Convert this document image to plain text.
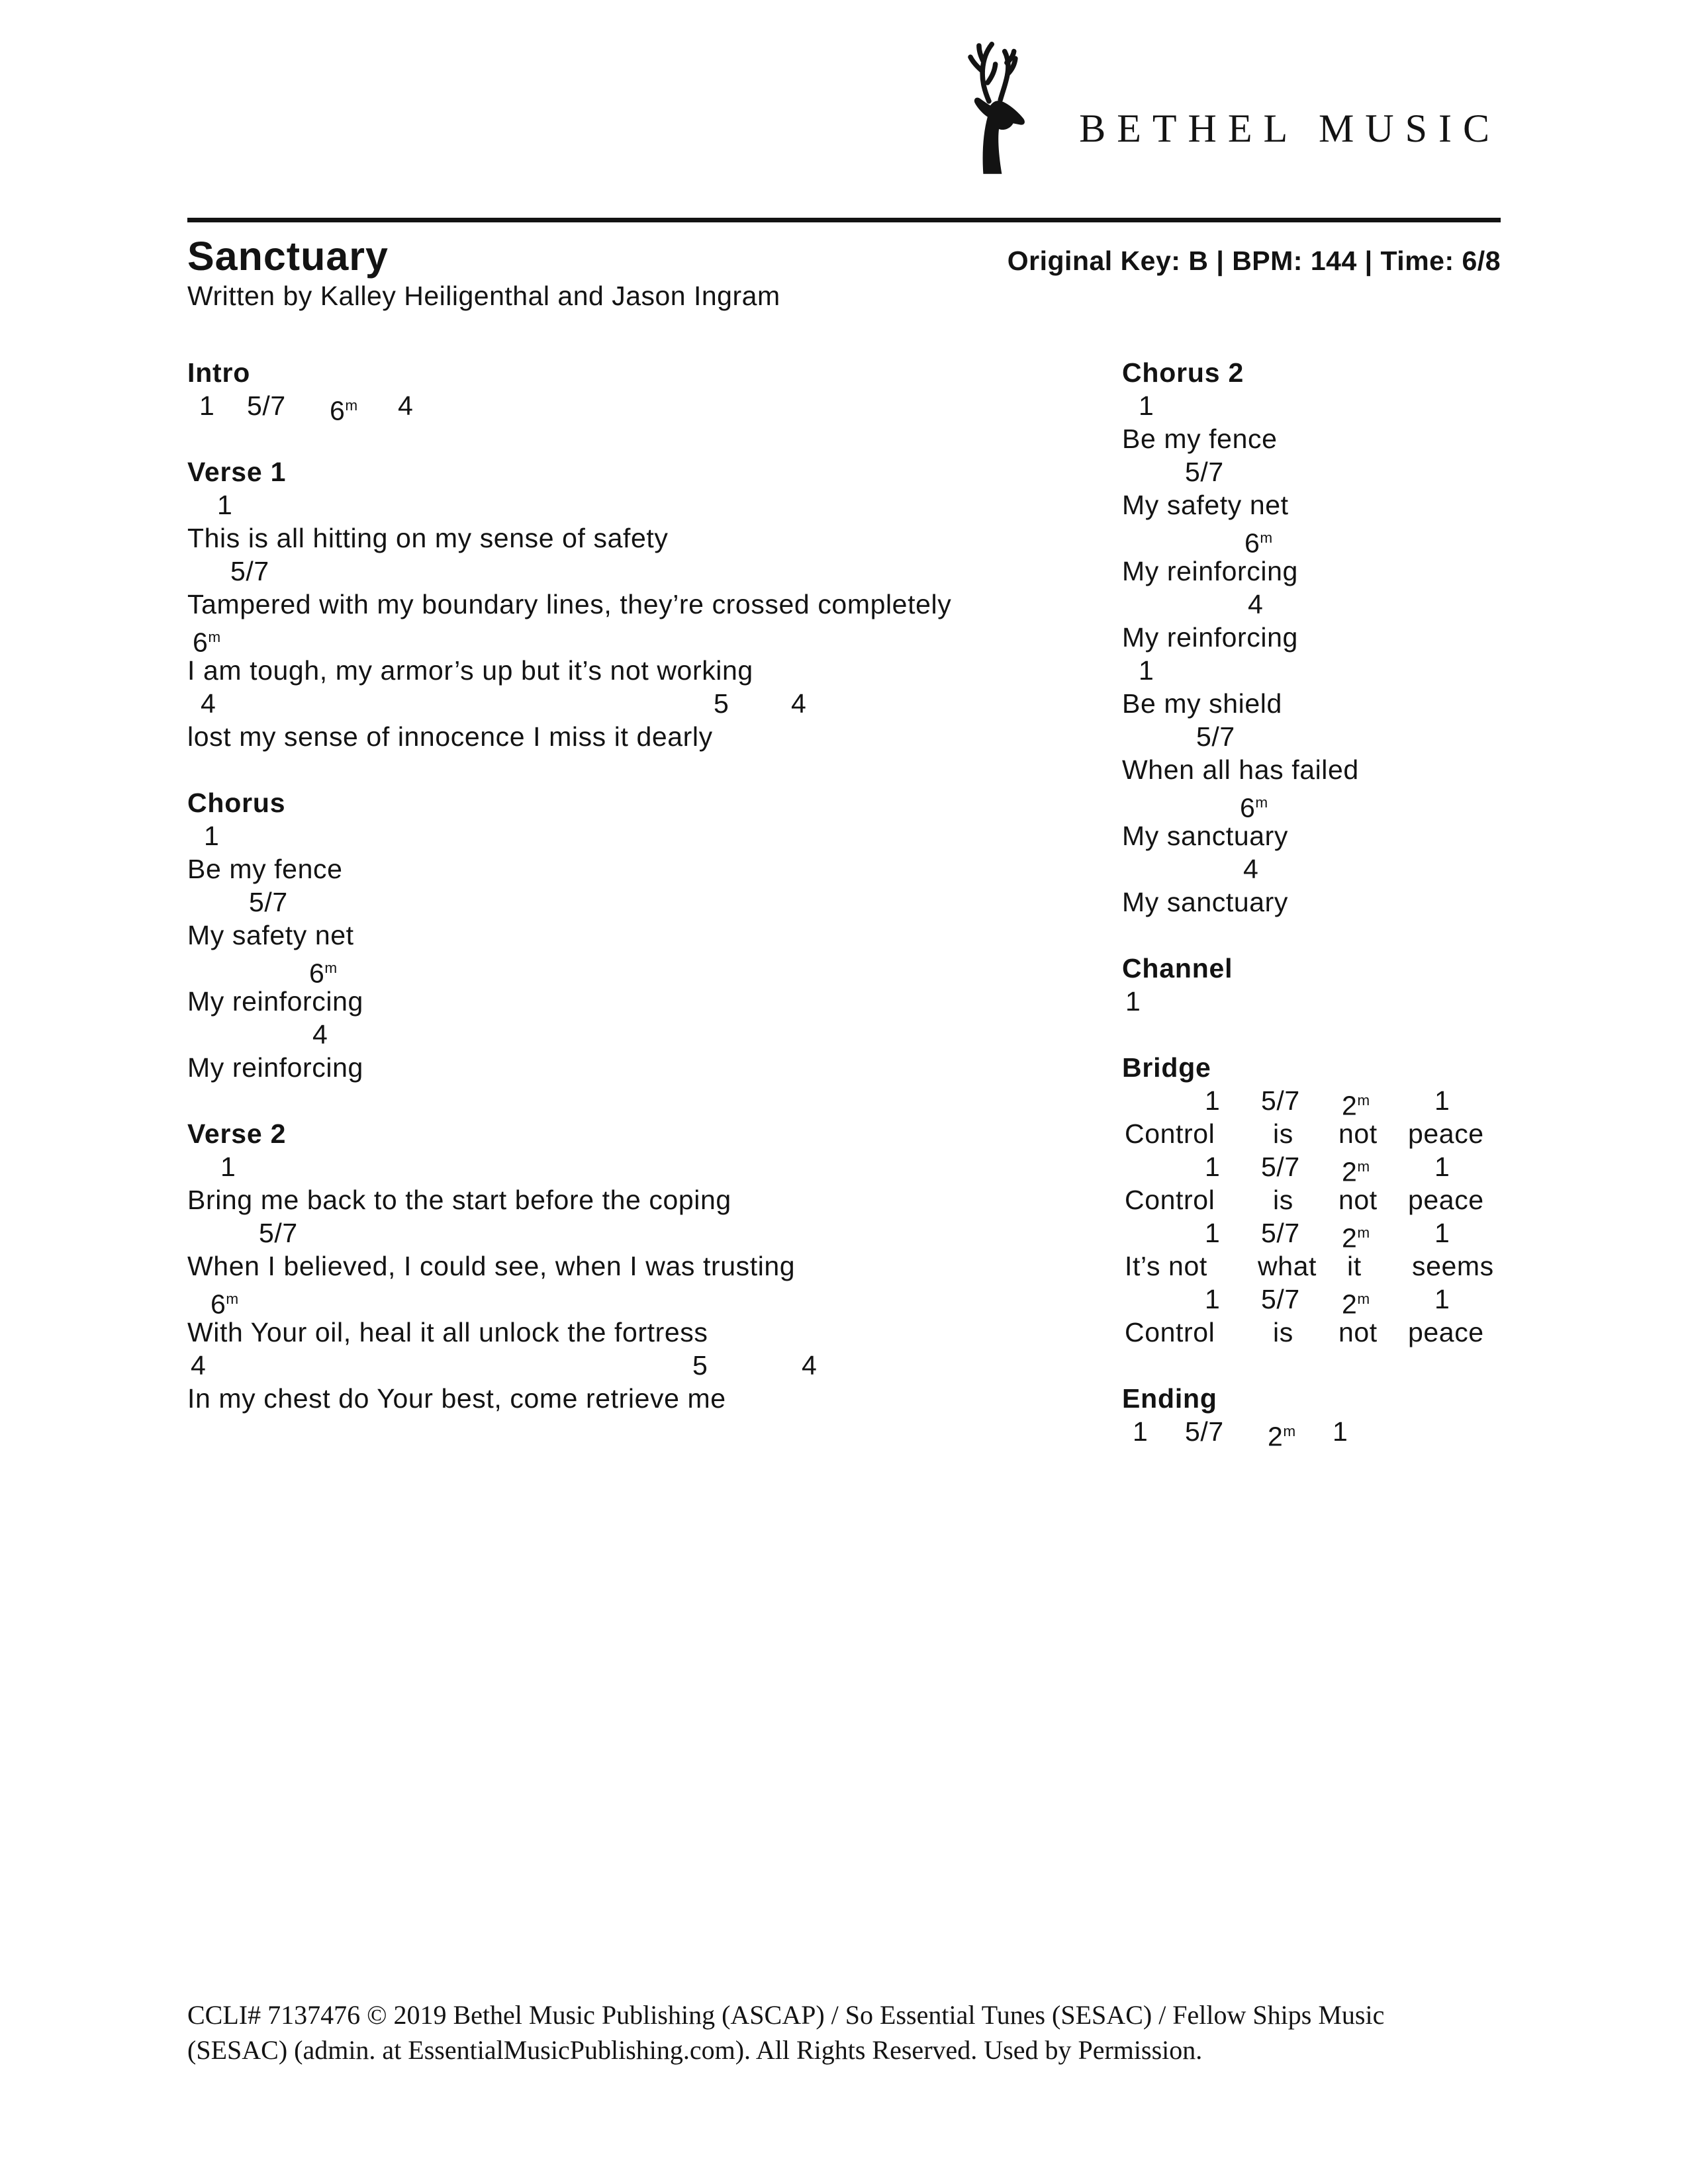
BETHEL MUSIC
Sanctuary	Original Key: B | BPM: 144 | Time: 6/8
Written by Kalley Heiligenthal and Jason Ingram
Intro
1 5/7 6$^m$ 4
Verse 1
1
This is all hitting on my sense of safety
5/7
Tampered with my boundary lines, they’re crossed completely
6$^m$
I am tough, my armor’s up but it’s not working
4	5 4
lost my sense of innocence I miss it dearly
Chorus
1
Be my fence
5/7
My safety net
6$^m$
My reinforcing
4
My reinforcing
Verse 2
1
Bring me back to the start before the coping
5/7
When I believed, I could see, when I was trusting
6$^m$
With Your oil, heal it all unlock the fortress
4	5	4
In my chest do Your best, come retrieve me
Chorus 2
1
Be my fence
5/7
My safety net
6$^m$
My reinforcing
4
My reinforcing
1
Be my shield
5/7
When all has failed
6$^m$
My sanctuary
4
My sanctuary
Channel
1
Bridge
1 5/7 2$^m$ 1
Control is not peace
1 5/7 2$^m$ 1
Control is not peace
1 5/7 2$^m$ 1
It’s not what it seems
1 5/7 2$^m$ 1
Control is not peace
Ending
1 5/7 2$^m$ 1
CCLI# 7137476 © 2019 Bethel Music Publishing (ASCAP) / So Essential Tunes (SESAC) / Fellow Ships Music
(SESAC) (admin. at EssentialMusicPublishing.com). All Rights Reserved. Used by Permission.
